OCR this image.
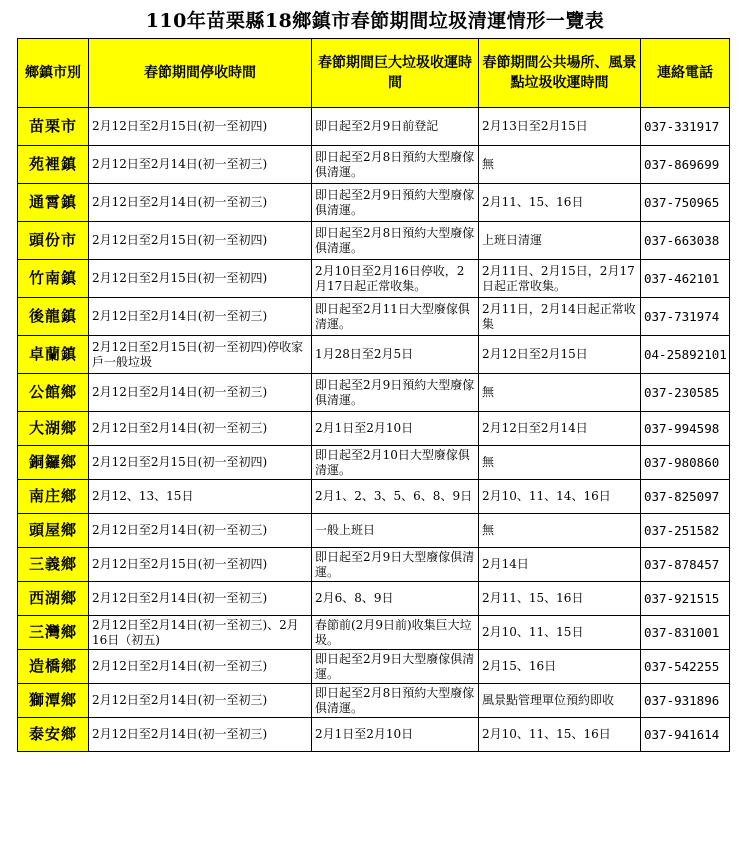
110年苗栗縣18鄉鎮市春節期間垃圾清運情形一覽表
鄉鎮市別	春節期間停收時間	春節期間巨大垃圾收運時間	春節期間公共場所、風景點垃圾收運時間	連絡電話
苗栗市	2月12日至2月15日(初一至初四)	即日起至2月9日前登記	2月13日至2月15日	037-331917
苑裡鎮	2月12日至2月14日(初一至初三)	即日起至2月8日預約大型廢傢俱清運。	無	037-869699
通霄鎮	2月12日至2月14日(初一至初三)	即日起至2月9日預約大型廢傢俱清運。	2月11、15、16日	037-750965
頭份市	2月12日至2月15日(初一至初四)	即日起至2月8日預約大型廢傢俱清運。	上班日清運	037-663038
竹南鎮	2月12日至2月15日(初一至初四)	2月10日至2月16日停收，2月17日起正常收集。	2月11日、2月15日，2月17日起正常收集。	037-462101
後龍鎮	2月12日至2月14日(初一至初三)	即日起至2月11日大型廢傢俱清運。	2月11日，2月14日起正常收集	037-731974
卓蘭鎮	2月12日至2月15日(初一至初四)停收家戶一般垃圾	1月28日至2月5日	2月12日至2月15日	04-25892101
公館鄉	2月12日至2月14日(初一至初三)	即日起至2月9日預約大型廢傢俱清運。	無	037-230585
大湖鄉	2月12日至2月14日(初一至初三)	2月1日至2月10日	2月12日至2月14日	037-994598
銅鑼鄉	2月12日至2月15日(初一至初四)	即日起至2月10日大型廢傢俱清運。	無	037-980860
南庄鄉	2月12、13、15日	2月1、2、3、5、6、8、9日	2月10、11、14、16日	037-825097
頭屋鄉	2月12日至2月14日(初一至初三)	一般上班日	無	037-251582
三義鄉	2月12日至2月15日(初一至初四)	即日起至2月9日大型廢傢俱清運。	2月14日	037-878457
西湖鄉	2月12日至2月14日(初一至初三)	2月6、8、9日	2月11、15、16日	037-921515
三灣鄉	2月12日至2月14日(初一至初三)、2月16日（初五)	春節前(2月9日前)收集巨大垃圾。	2月10、11、15日	037-831001
造橋鄉	2月12日至2月14日(初一至初三)	即日起至2月9日大型廢傢俱清運。	2月15、16日	037-542255
獅潭鄉	2月12日至2月14日(初一至初三)	即日起至2月8日預約大型廢傢俱清運。	風景點管理單位預約即收	037-931896
泰安鄉	2月12日至2月14日(初一至初三)	2月1日至2月10日	2月10、11、15、16日	037-941614
